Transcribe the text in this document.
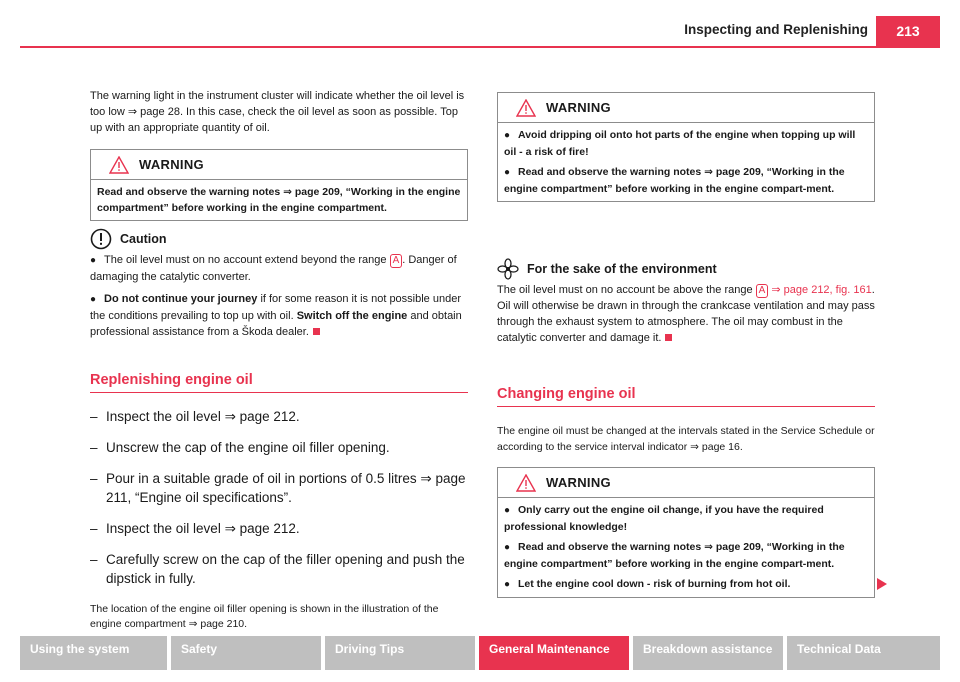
Inspecting and Replenishing	213

The warning light in the instrument cluster will indicate whether the oil level is too low ⇒ page 28. In this case, check the oil level as soon as possible. Top up with an appropriate quantity of oil.

WARNING
Read and observe the warning notes ⇒ page 209, “Working in the engine compartment” before working in the engine compartment.
Caution

● The oil level must on no account extend beyond the range A . Danger of damaging the catalytic converter.

● Do not continue your journey if for some reason it is not possible under the conditions prevailing to top up with oil. Switch off the engine and obtain professional assistance from a Škoda dealer.

Replenishing engine oil
– Inspect the oil level ⇒ page 212.
– Unscrew the cap of the engine oil filler opening.
– Pour in a suitable grade of oil in portions of 0.5 litres ⇒ page 211, “Engine oil specifications”.
– Inspect the oil level ⇒ page 212.
– Carefully screw on the cap of the filler opening and push the dipstick in fully.

The location of the engine oil filler opening is shown in the illustration of the engine compartment ⇒ page 210.

WARNING
● Avoid dripping oil onto hot parts of the engine when topping up will oil - a risk of fire!
● Read and observe the warning notes ⇒ page 209, “Working in the engine compartment” before working in the engine compart-ment.
For the sake of the environment

The oil level must on no account be above the range A ⇒ page 212, fig. 161. Oil will otherwise be drawn in through the crankcase ventilation and may pass through the exhaust system to atmosphere. The oil may combust in the catalytic converter and damage it.

Changing engine oil

The engine oil must be changed at the intervals stated in the Service Schedule or according to the service interval indicator ⇒ page 16.

WARNING
● Only carry out the engine oil change, if you have the required professional knowledge!
● Read and observe the warning notes ⇒ page 209, “Working in the engine compartment” before working in the engine compart-ment.
● Let the engine cool down - risk of burning from hot oil.
Using the system	Safety	Driving Tips	General Maintenance	Breakdown assistance	Technical Data
